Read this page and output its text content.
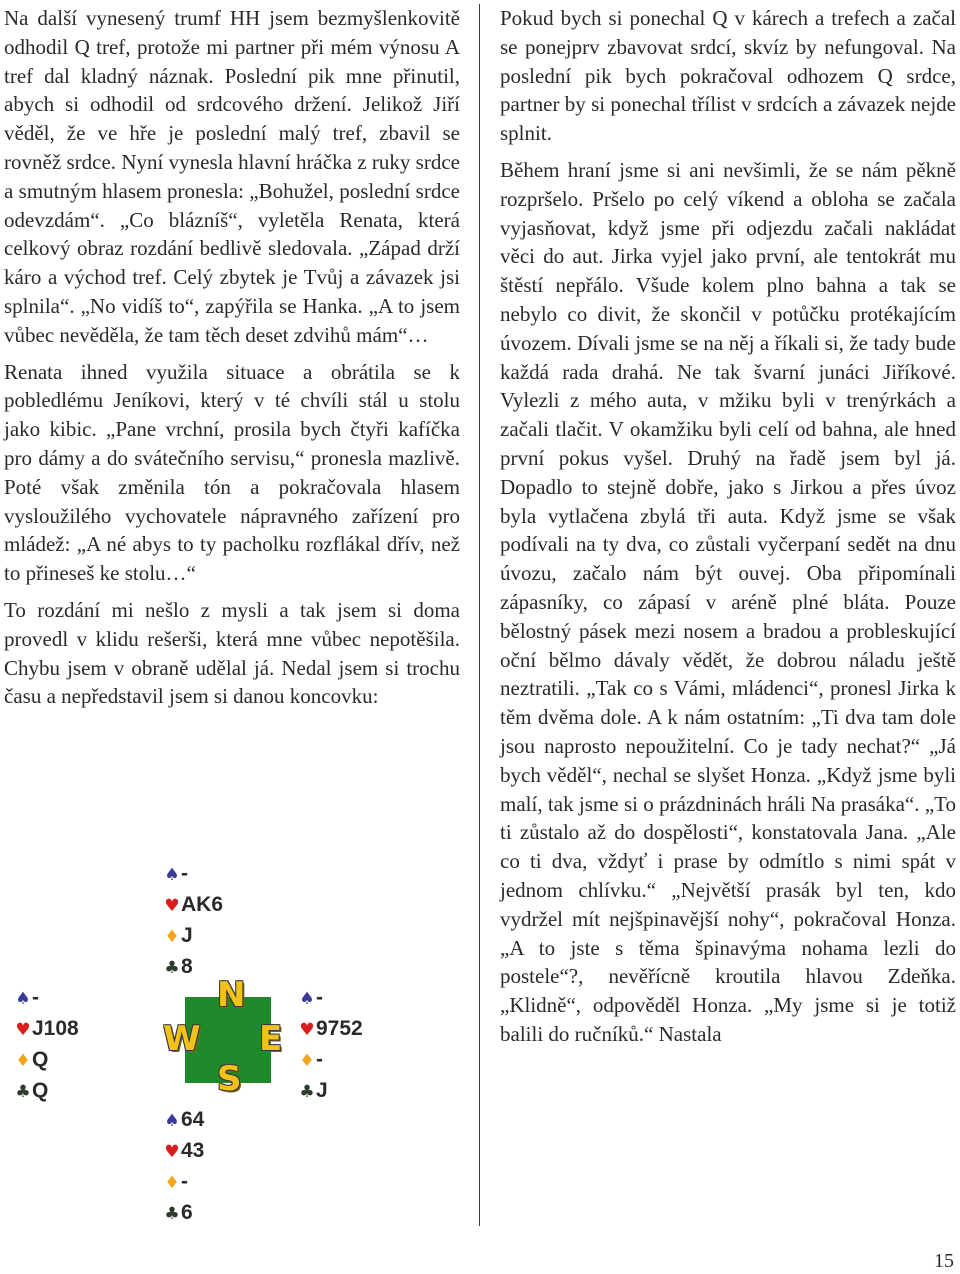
Na další vynesený trumf HH jsem bezmyšlenkovitě odhodil Q tref, protože mi partner při mém výnosu A tref dal kladný náznak. Poslední pik mne přinutil, abych si odhodil od srdcového držení. Jelikož Jiří věděl, že ve hře je poslední malý tref, zbavil se rovněž srdce. Nyní vynesla hlavní hráčka z ruky srdce a smutným hlasem pronesla: „Bohužel, poslední srdce odevzdám“. „Co blázníš“, vyletěla Renata, která celkový obraz rozdání bedlivě sledovala. „Západ drží káro a východ tref. Celý zbytek je Tvůj a závazek jsi splnila“. „No vidíš to“, zapýřila se Hanka. „A to jsem vůbec nevěděla, že tam těch deset zdvihů mám“…

Renata ihned využila situace a obrátila se k pobledlému Jeníkovi, který v té chvíli stál u stolu jako kibic. „Pane vrchní, prosila bych čtyři kafíčka pro dámy a do svátečního servisu,“ pronesla mazlivě. Poté však změnila tón a pokračovala hlasem vysloužilého vychovatele nápravného zařízení pro mládež: „A né abys to ty pacholku rozflákal dřív, než to přineseš ke stolu…“

To rozdání mi nešlo z mysli a tak jsem si doma provedl v klidu rešerši, která mne vůbec nepotěšila. Chybu jsem v obraně udělal já. Nedal jsem si trochu času a nepředstavil jsem si danou koncovku:

Pokud bych si ponechal Q v kárech a trefech a začal se ponejprv zbavovat srdcí, skvíz by nefungoval. Na poslední pik bych pokračoval odhozem Q srdce, partner by si ponechal třílist v srdcích a závazek nejde splnit.

Během hraní jsme si ani nevšimli, že se nám pěkně rozpršelo. Pršelo po celý víkend a obloha se začala vyjasňovat, když jsme při odjezdu začali nakládat věci do aut. Jirka vyjel jako první, ale tentokrát mu štěstí nepřálo. Všude kolem plno bahna a tak se nebylo co divit, že skončil v potůčku protékajícím úvozem. Dívali jsme se na něj a říkali si, že tady bude každá rada drahá. Ne tak švarní junáci Jiříkové. Vylezli z mého auta, v mžiku byli v trenýrkách a začali tlačit. V okamžiku byli celí od bahna, ale hned první pokus vyšel. Druhý na řadě jsem byl já. Dopadlo to stejně dobře, jako s Jirkou a přes úvoz byla vytlačena zbylá tři auta. Když jsme se však podívali na ty dva, co zůstali vyčerpaní sedět na dnu úvozu, začalo nám být ouvej. Oba připomínali zápasníky, co zápasí v aréně plné bláta. Pouze bělostný pásek mezi nosem a bradou a probleskující oční bělmo dávaly vědět, že dobrou náladu ještě neztratili. „Tak co s Vámi, mládenci“, pronesl Jirka k těm dvěma dole. A k nám ostatním: „Ti dva tam dole jsou naprosto nepoužitelní. Co je tady nechat?“ „Já bych věděl“, nechal se slyšet Honza. „Když jsme byli malí, tak jsme si o prázdninách hráli Na prasáka“. „To ti zůstalo až do dospělosti“, konstatovala Jana. „Ale co ti dva, vždyť i prase by odmítlo s nimi spát v jednom chlívku.“ „Největší prasák byl ten, kdo vydržel mít nejšpinavější nohy“, pokračoval Honza. „A to jste s těma špinavýma nohama lezli do postele“?, nevěřícně kroutila hlavou Zdeňka. „Klidně“, odpověděl Honza. „My jsme si je totiž balili do ručníků.“ Nastala

♠-
♥AK6
♦J
♣8
♠-
♥J108
♦Q
♣Q
N
W E
S
♠-
♥9752
♦-
♣J
♠64
♥43
♦-
♣6
15
